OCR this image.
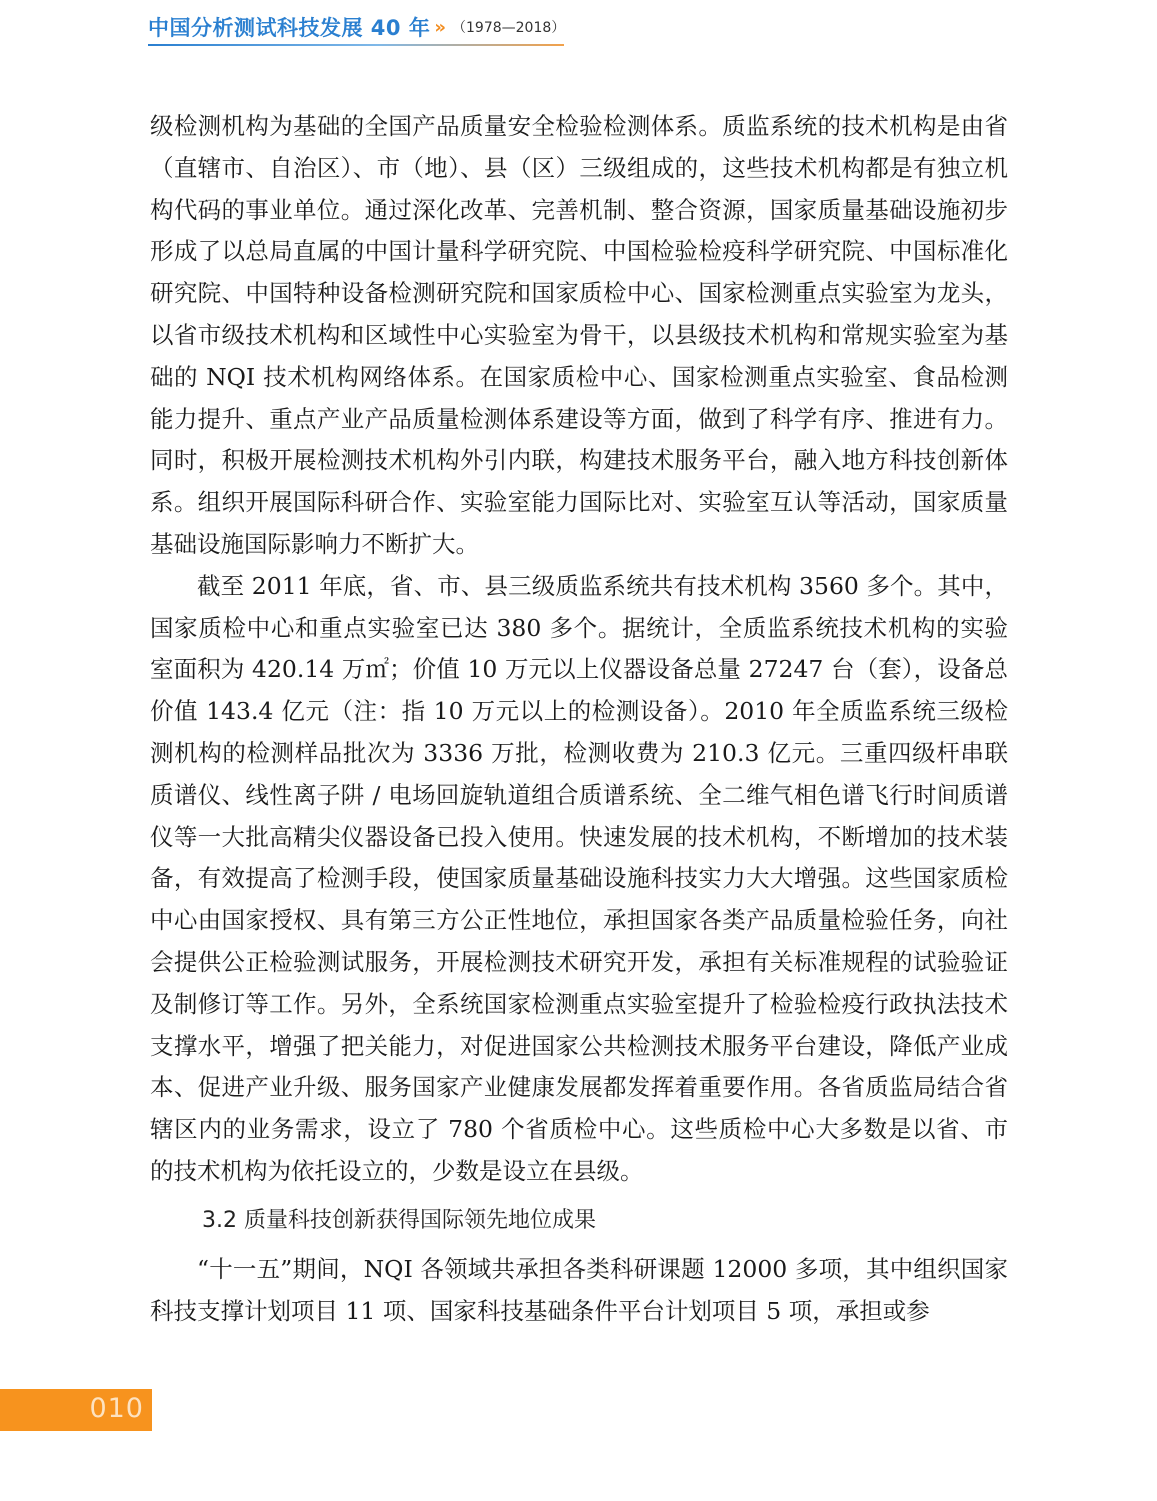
中国分析测试科技发展 40 年 » （1978—2018）

级检测机构为基础的全国产品质量安全检验检测体系。质监系统的技术机构是由省（直辖市、自治区）、市（地）、县（区）三级组成的，这些技术机构都是有独立机构代码的事业单位。通过深化改革、完善机制、整合资源，国家质量基础设施初步形成了以总局直属的中国计量科学研究院、中国检验检疫科学研究院、中国标准化研究院、中国特种设备检测研究院和国家质检中心、国家检测重点实验室为龙头，以省市级技术机构和区域性中心实验室为骨干，以县级技术机构和常规实验室为基础的 NQI 技术机构网络体系。在国家质检中心、国家检测重点实验室、食品检测能力提升、重点产业产品质量检测体系建设等方面，做到了科学有序、推进有力。同时，积极开展检测技术机构外引内联，构建技术服务平台，融入地方科技创新体系。组织开展国际科研合作、实验室能力国际比对、实验室互认等活动，国家质量基础设施国际影响力不断扩大。

截至 2011 年底，省、市、县三级质监系统共有技术机构 3560 多个。其中，国家质检中心和重点实验室已达 380 多个。据统计，全质监系统技术机构的实验室面积为 420.14 万㎡；价值 10 万元以上仪器设备总量 27247 台（套），设备总价值 143.4 亿元（注：指 10 万元以上的检测设备）。2010 年全质监系统三级检测机构的检测样品批次为 3336 万批，检测收费为 210.3 亿元。三重四级杆串联质谱仪、线性离子阱 / 电场回旋轨道组合质谱系统、全二维气相色谱飞行时间质谱仪等一大批高精尖仪器设备已投入使用。快速发展的技术机构，不断增加的技术装备，有效提高了检测手段，使国家质量基础设施科技实力大大增强。这些国家质检中心由国家授权、具有第三方公正性地位，承担国家各类产品质量检验任务，向社会提供公正检验测试服务，开展检测技术研究开发，承担有关标准规程的试验验证及制修订等工作。另外，全系统国家检测重点实验室提升了检验检疫行政执法技术支撑水平，增强了把关能力，对促进国家公共检测技术服务平台建设，降低产业成本、促进产业升级、服务国家产业健康发展都发挥着重要作用。各省质监局结合省辖区内的业务需求，设立了 780 个省质检中心。这些质检中心大多数是以省、市的技术机构为依托设立的，少数是设立在县级。

3.2 质量科技创新获得国际领先地位成果

“十一五”期间，NQI 各领域共承担各类科研课题 12000 多项，其中组织国家科技支撑计划项目 11 项、国家科技基础条件平台计划项目 5 项，承担或参

010
